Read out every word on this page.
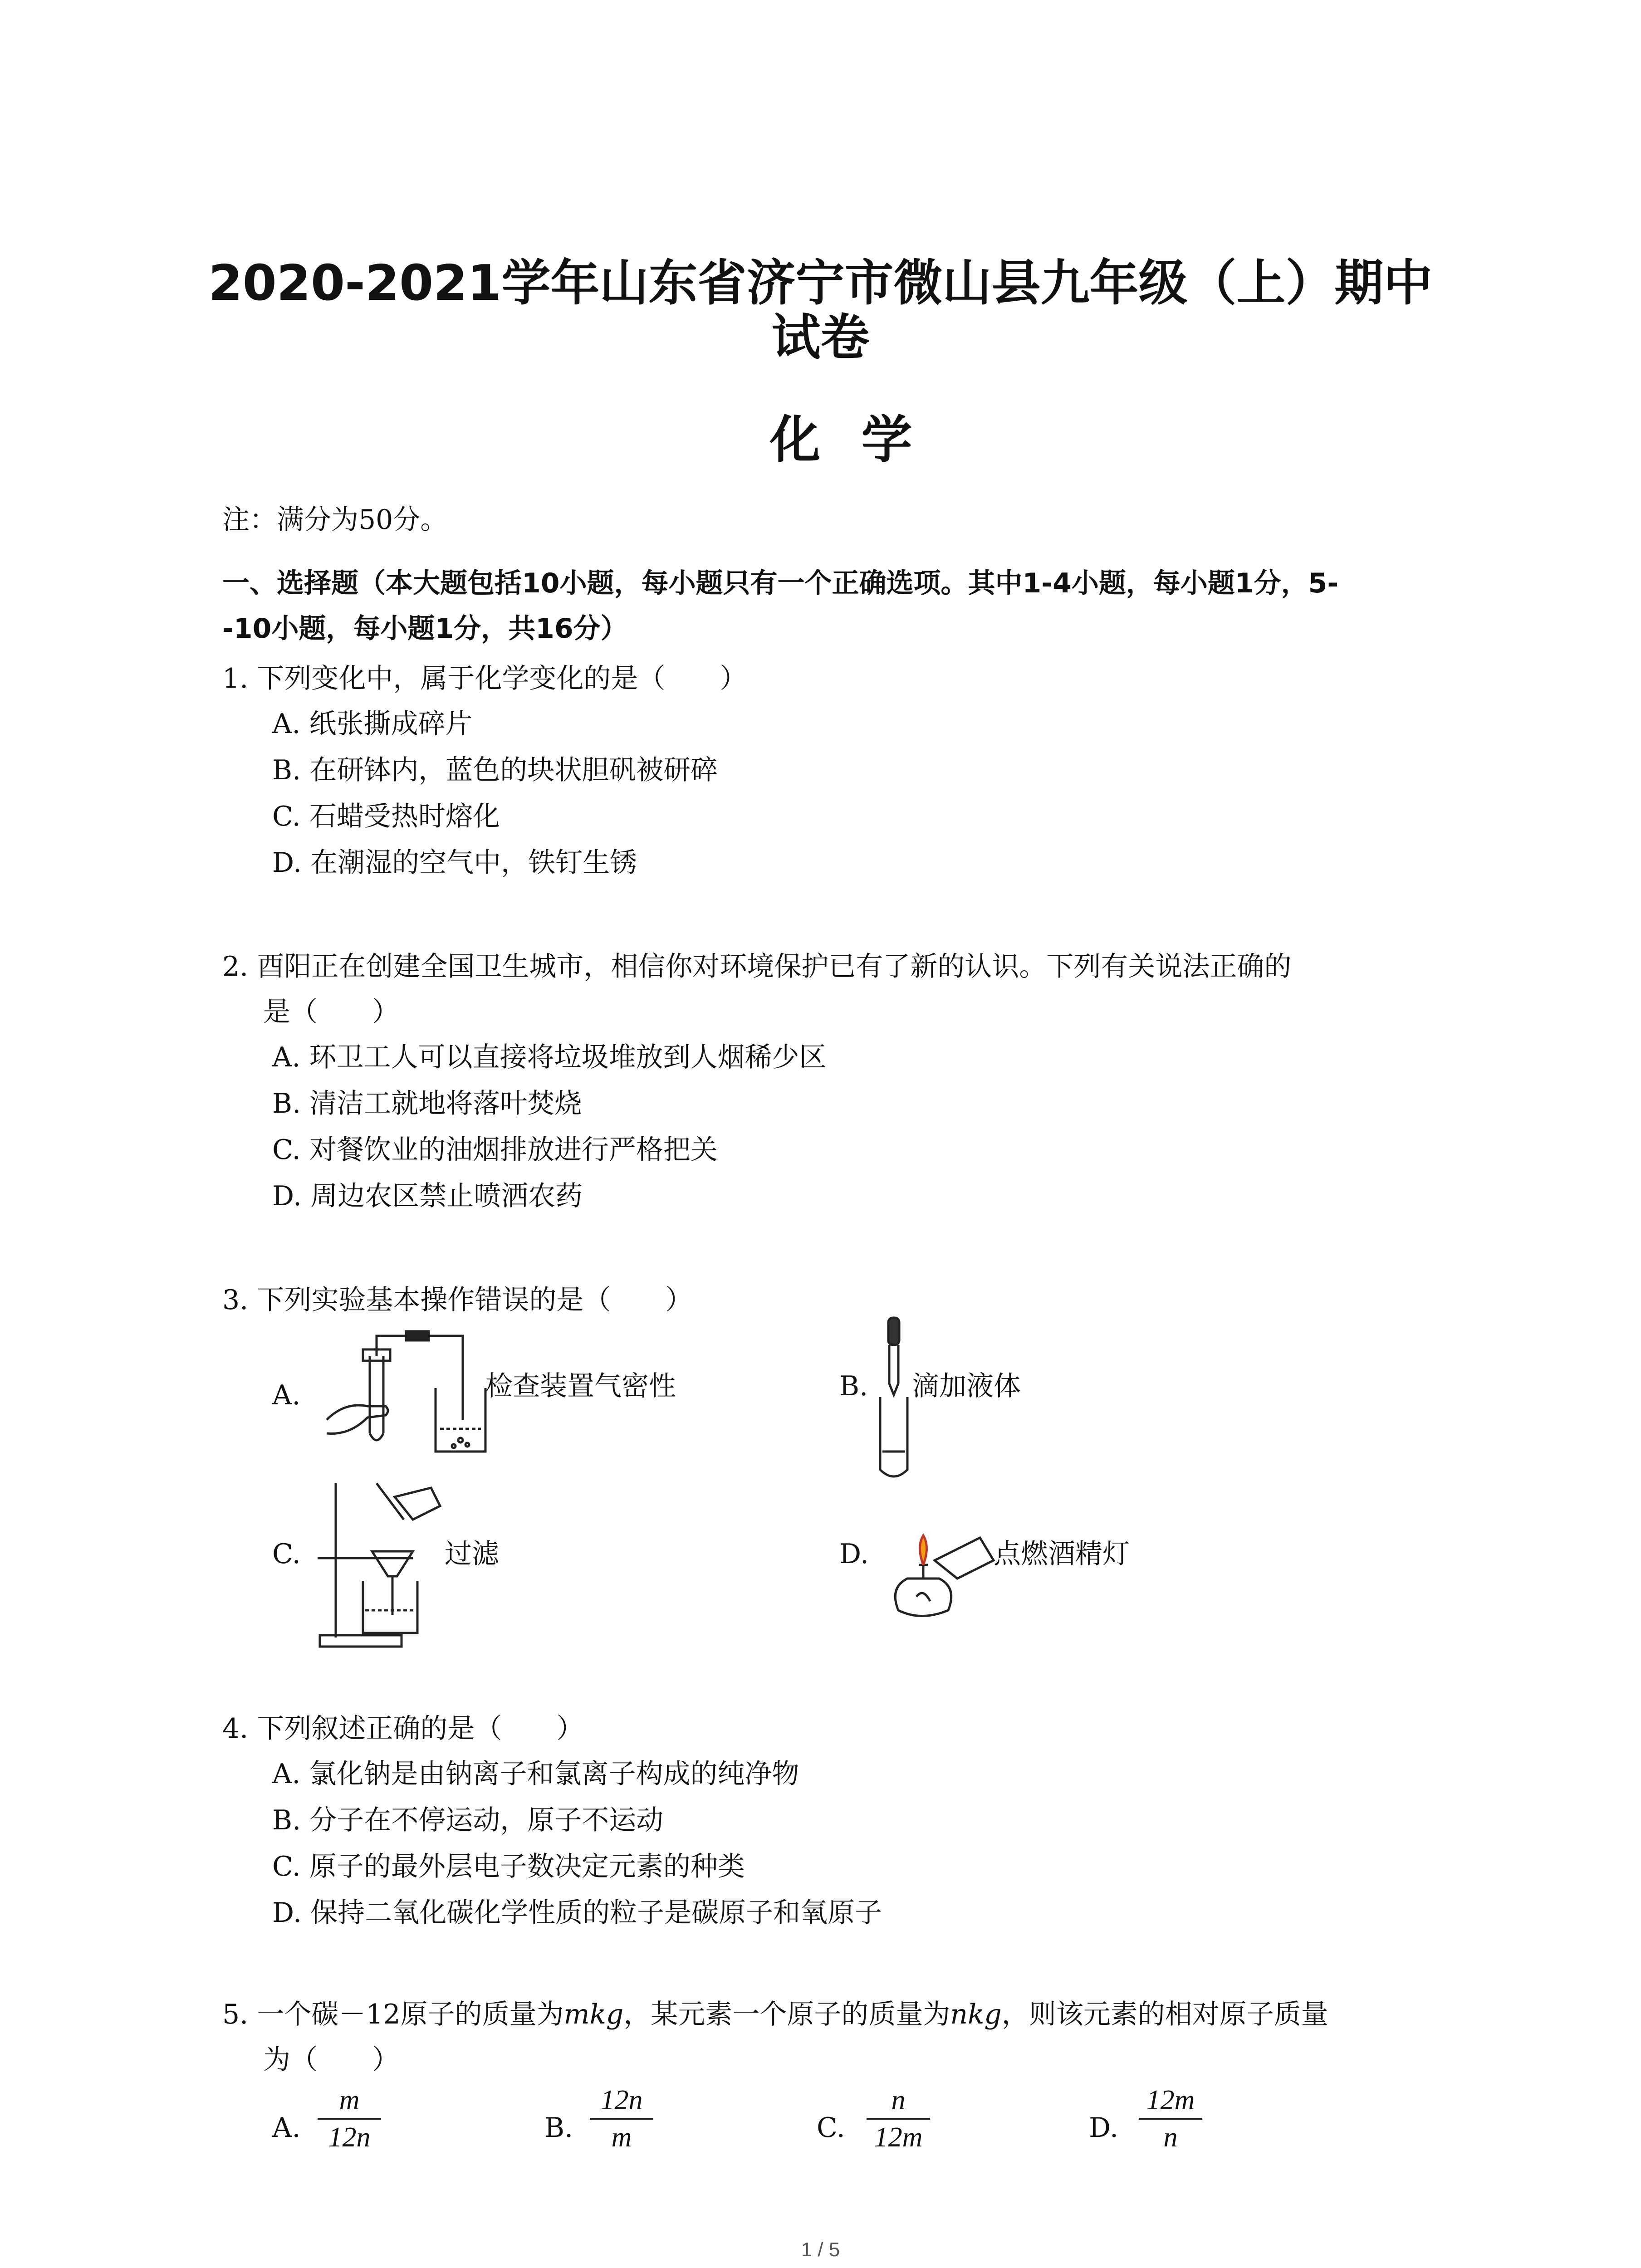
2020-2021学年山东省济宁市微山县九年级（上）期中
试卷
化学
注：满分为50分。
一、选择题（本大题包括10小题，每小题只有一个正确选项。其中1-4小题，每小题1分，5-
-10小题，每小题1分，共16分）
1. 下列变化中，属于化学变化的是（　　）
A. 纸张撕成碎片
B. 在研钵内，蓝色的块状胆矾被研碎
C. 石蜡受热时熔化
D. 在潮湿的空气中，铁钉生锈
2. 酉阳正在创建全国卫生城市，相信你对环境保护已有了新的认识。下列有关说法正确的
是（　　）
A. 环卫工人可以直接将垃圾堆放到人烟稀少区
B. 清洁工就地将落叶焚烧
C. 对餐饮业的油烟排放进行严格把关
D. 周边农区禁止喷洒农药
3. 下列实验基本操作错误的是（　　）
A.	检查装置气密性	B. 滴加液体
C.	过滤	D.	点燃酒精灯
4. 下列叙述正确的是（　　）
A. 氯化钠是由钠离子和氯离子构成的纯净物
B. 分子在不停运动，原子不运动
C. 原子的最外层电子数决定元素的种类
D. 保持二氧化碳化学性质的粒子是碳原子和氧原子
5. 一个碳－12原子的质量为mkg，某元素一个原子的质量为nkg，则该元素的相对原子质量
为（　　）
A. $\frac{m}{12n}$	B. $\frac{12n}{m}$	C. $\frac{n}{12m}$	D. $\frac{12m}{n}$
1 / 5
